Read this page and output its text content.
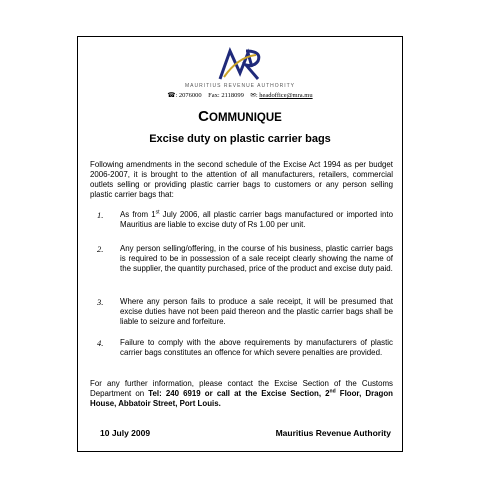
MAURITIUS REVENUE AUTHORITY
☎: 2076000 Fax: 2118099 ✉: headoffice@mra.mu
COMMUNIQUE
Excise duty on plastic carrier bags
Following amendments in the second schedule of the Excise Act 1994 as per budget 2006-2007, it is brought to the attention of all manufacturers, retailers, commercial outlets selling or providing plastic carrier bags to customers or any person selling plastic carrier bags that:
1. As from 1st July 2006, all plastic carrier bags manufactured or imported into Mauritius are liable to excise duty of Rs 1.00 per unit.
2. Any person selling/offering, in the course of his business, plastic carrier bags is required to be in possession of a sale receipt clearly showing the name of the supplier, the quantity purchased, price of the product and excise duty paid.
3. Where any person fails to produce a sale receipt, it will be presumed that excise duties have not been paid thereon and the plastic carrier bags shall be liable to seizure and forfeiture.
4. Failure to comply with the above requirements by manufacturers of plastic carrier bags constitutes an offence for which severe penalties are provided.
For any further information, please contact the Excise Section of the Customs Department on Tel: 240 6919 or call at the Excise Section, 2nd Floor, Dragon House, Abbatoir Street, Port Louis.
10 July 2009	Mauritius Revenue Authority
